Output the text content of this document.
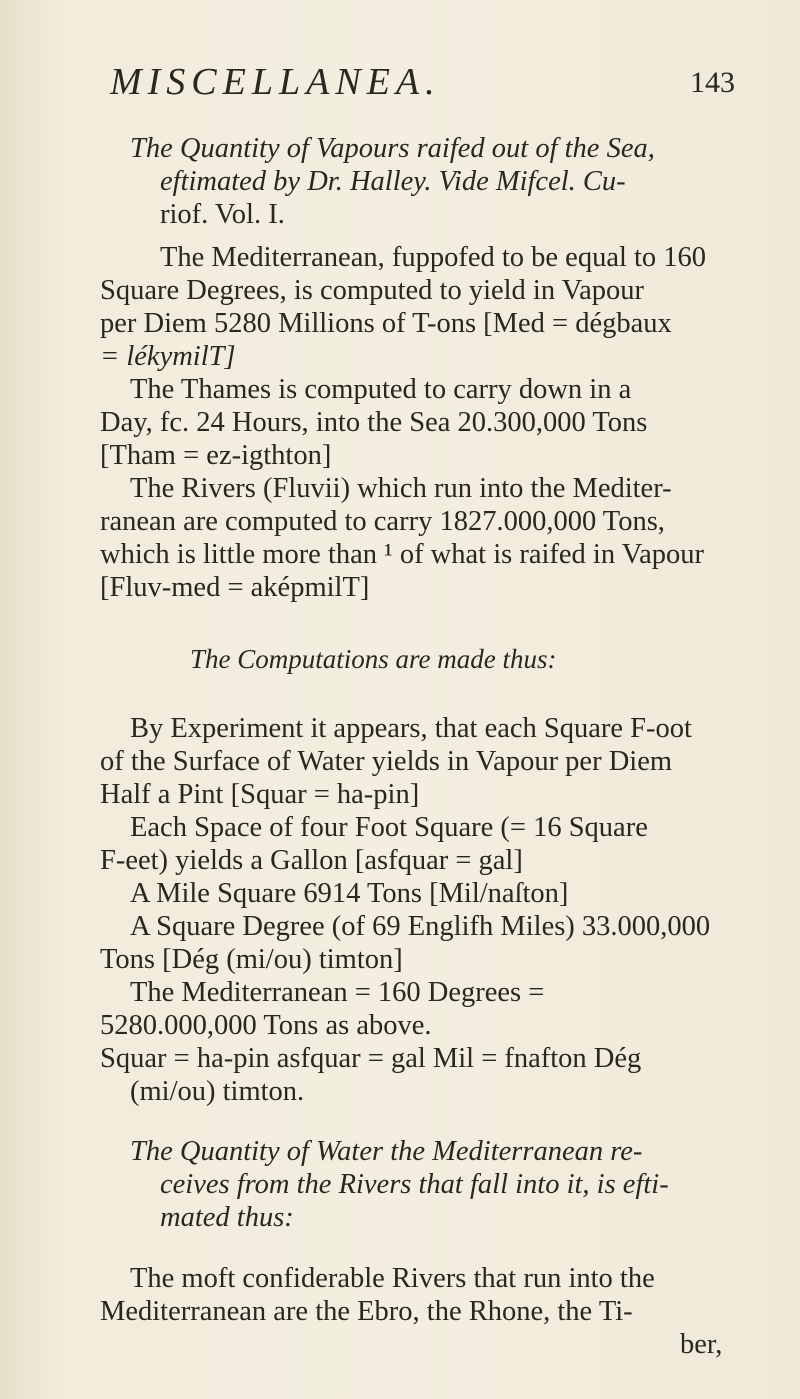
MISCELLANEA.	143
The Quantity of Vapours raifed out of the Sea,
eftimated by Dr. Halley. Vide Mifcel. Cu-
riof. Vol. I.
The Mediterranean, fuppofed to be equal to 160
Square Degrees, is computed to yield in Vapour
per Diem 5280 Millions of T-ons [Med = dégbaux
= lékymilT]
The Thames is computed to carry down in a
Day, fc. 24 Hours, into the Sea 20.300,000 Tons
[Tham = ez-igthton]
The Rivers (Fluvii) which run into the Mediter-
ranean are computed to carry 1827.000,000 Tons,
which is little more than ¹ of what is raifed in Vapour
[Fluv-med = aképmilT]
The Computations are made thus:
By Experiment it appears, that each Square F-oot
of the Surface of Water yields in Vapour per Diem
Half a Pint [Squar = ha-pin]
Each Space of four Foot Square (= 16 Square
F-eet) yields a Gallon [asfquar = gal]
A Mile Square 6914 Tons [Mil/naſton]
A Square Degree (of 69 Englifh Miles) 33.000,000
Tons [Dég (mi/ou) timton]
The Mediterranean = 160 Degrees =
5280.000,000 Tons as above.
Squar = ha-pin asfquar = gal Mil = fnafton Dég
(mi/ou) timton.
The Quantity of Water the Mediterranean re-
ceives from the Rivers that fall into it, is efti-
mated thus:
The moft confiderable Rivers that run into the
Mediterranean are the Ebro, the Rhone, the Ti-
ber,
